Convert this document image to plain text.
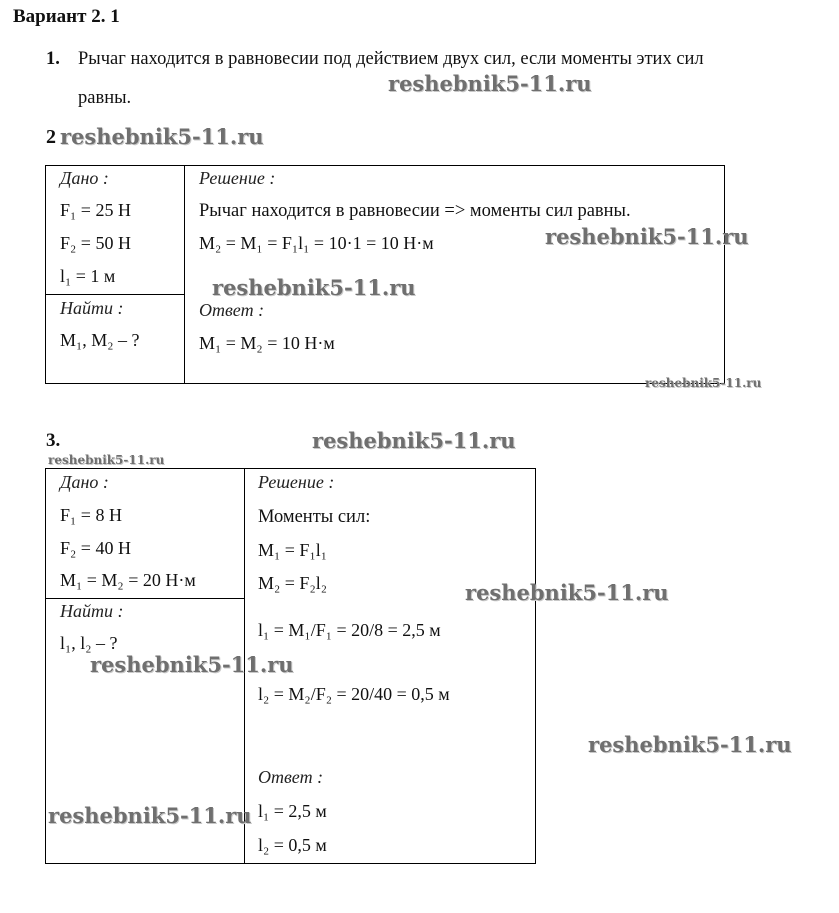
Вариант 2. 1
1. Рычаг находится в равновесии под действием двух сил, если моменты этих сил
равны.
2
Дано :
F₁ = 25 Н
F₂ = 50 Н
l₁ = 1 м
Найти :
M₁, M₂ – ?
Решение :
Рычаг находится в равновесии => моменты сил равны.
M₂ = M₁ = F₁l₁ = 10·1 = 10 Н·м
Ответ :
M₁ = M₂ = 10 Н·м
3.
Дано :
F₁ = 8 Н
F₂ = 40 Н
M₁ = M₂ = 20 Н·м
Найти :
l₁, l₂ – ?
Решение :
Моменты сил:
M₁ = F₁l₁
M₂ = F₂l₂
l₁ = M₁/F₁ = 20/8 = 2,5 м
l₂ = M₂/F₂ = 20/40 = 0,5 м
Ответ :
l₁ = 2,5 м
l₂ = 0,5 м
reshebnik5-11.ru
reshebnik5-11.ru
reshebnik5-11.ru
reshebnik5-11.ru
reshebnik5-11.ru
reshebnik5-11.ru
reshebnik5-11.ru
reshebnik5-11.ru
reshebnik5-11.ru
reshebnik5-11.ru
reshebnik5-11.ru
